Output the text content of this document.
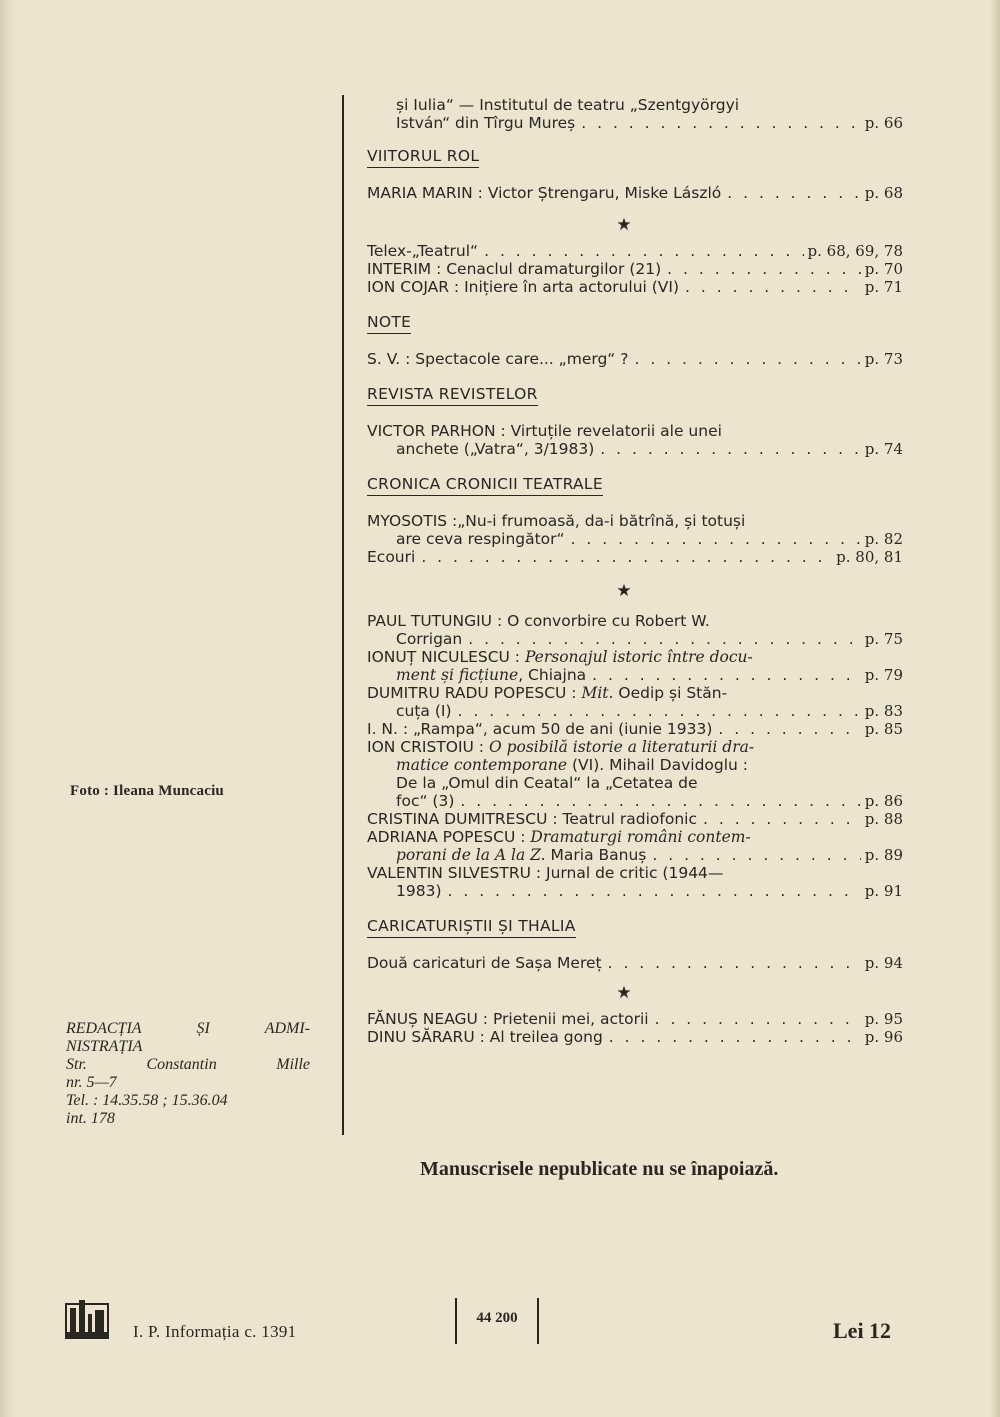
Foto : Ileana Muncaciu
REDACȚIA	ȘI	ADMI-
NISTRAȚIA
Str.	Constantin	Mille
nr. 5—7
Tel. : 14.35.58 ; 15.36.04
int. 178
și Iulia“ — Institutul de teatru „Szentgyörgyi
István“ din Tîrgu Mureș . . .	p. 66
VIITORUL ROL
MARIA MARIN : Victor Ștrengaru, Miske László . . .	p. 68
★
Telex-„Teatrul“ . . .	p. 68, 69, 78
INTERIM : Cenaclul dramaturgilor (21) . . .	p. 70
ION COJAR : Inițiere în arta actorului (VI) . . .	p. 71
NOTE
S. V. : Spectacole care... „merg“ ? . . .	p. 73
REVISTA REVISTELOR
VICTOR PARHON : Virtuțile revelatorii ale unei
anchete („Vatra“, 3/1983) . . .	p. 74
CRONICA CRONICII TEATRALE
MYOSOTIS :„Nu-i frumoasă, da-i bătrînă, și totuși
are ceva respingător“ . . .	p. 82
Ecouri . . .	p. 80, 81
★
PAUL TUTUNGIU : O convorbire cu Robert W.
Corrigan . . .	p. 75
IONUȚ NICULESCU : Personajul istoric între docu-
ment și ficțiune, Chiajna . . .	p. 79
DUMITRU RADU POPESCU : Mit. Oedip și Stăn-
cuța (I) . . .	p. 83
I. N. : „Rampa“, acum 50 de ani (iunie 1933) . . .	p. 85
ION CRISTOIU : O posibilă istorie a literaturii dra-
matice contemporane (VI). Mihail Davidoglu :
De la „Omul din Ceatal“ la „Cetatea de
foc“ (3) . . .	p. 86
CRISTINA DUMITRESCU : Teatrul radiofonic . . .	p. 88
ADRIANA POPESCU : Dramaturgi români contem-
porani de la A la Z. Maria Banuș . . .	p. 89
VALENTIN SILVESTRU : Jurnal de critic (1944—
1983) . . .	p. 91
CARICATURIȘTII ȘI THALIA
Două caricaturi de Sașa Mereț . . .	p. 94
★
FĂNUȘ NEAGU : Prietenii mei, actorii . . .	p. 95
DINU SĂRARU : Al treilea gong . . .	p. 96
Manuscrisele nepublicate nu se înapoiază.
I. P. Informația c. 1391
44 200	Lei 12
